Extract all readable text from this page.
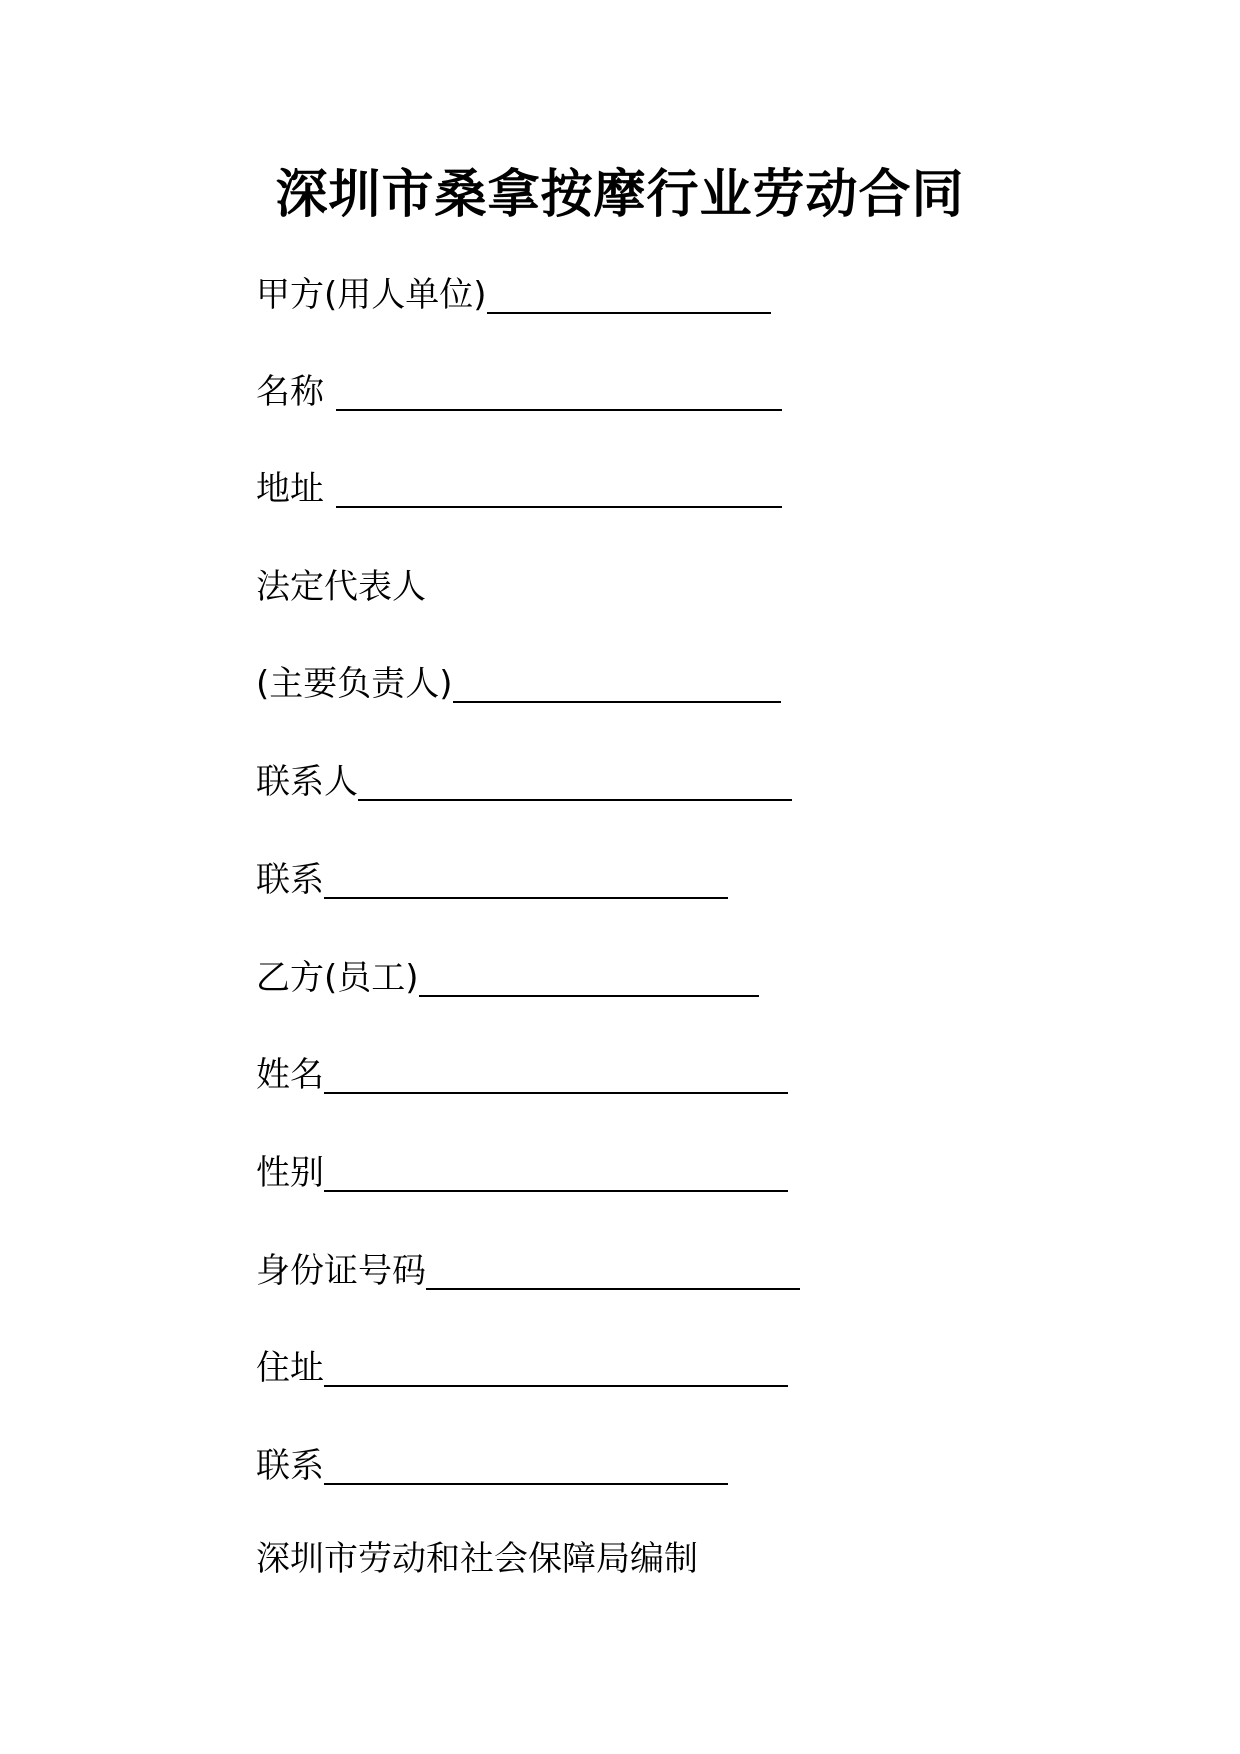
深圳市桑拿按摩行业劳动合同
甲方(用人单位)
名称
地址
法定代表人
(主要负责人)
联系人
联系
乙方(员工)
姓名
性别
身份证号码
住址
联系
深圳市劳动和社会保障局编制
